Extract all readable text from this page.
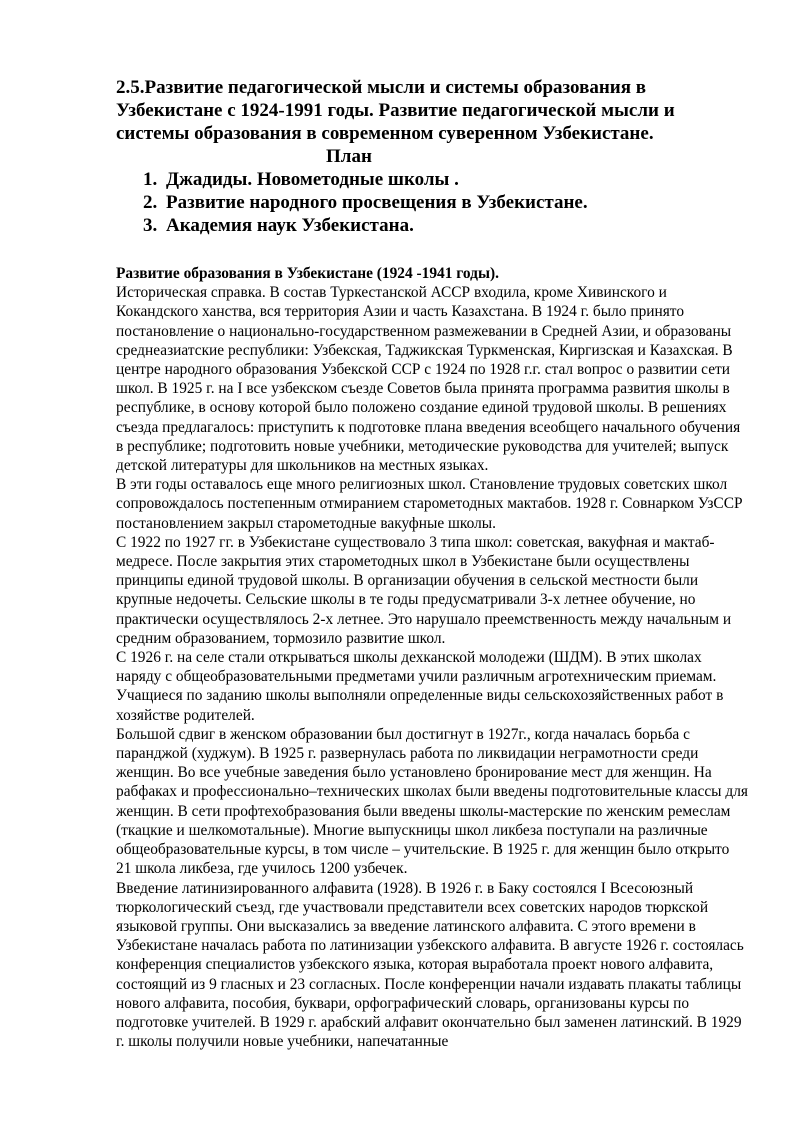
2.5.Развитие педагогической мысли и системы образования в Узбекистане с 1924-1991 годы. Развитие педагогической мысли и системы образования в современном суверенном Узбекистане.

План

1. Джадиды. Новометодные школы .
2. Развитие народного просвещения в Узбекистане.
3. Академия наук Узбекистана.
Развитие образования в Узбекистане (1924 -1941 годы).

Историческая справка. В состав Туркестанской АССР входила, кроме Хивинского и Кокандского ханства, вся территория Азии и часть Казахстана. В 1924 г. было принято постановление о национально-государственном размежевании в Средней Азии, и образованы среднеазиатские республики: Узбекская, Таджикская Туркменская, Киргизская и Казахская. В центре народного образования Узбекской ССР с 1924 по 1928 г.г. стал вопрос о развитии сети школ. В 1925 г. на I все узбекском съезде Советов была принята программа развития школы в республике, в основу которой было положено создание единой трудовой школы. В решениях съезда предлагалось: приступить к подготовке плана введения всеобщего начального обучения в республике; подготовить новые учебники, методические руководства для учителей; выпуск детской литературы для школьников на местных языках.

В эти годы оставалось еще много религиозных школ. Становление трудовых советских школ сопровождалось постепенным отмиранием старометодных мактабов. 1928 г. Совнарком УзССР постановлением закрыл старометодные вакуфные школы.

С 1922 по 1927 гг. в Узбекистане существовало 3 типа школ: советская, вакуфная и мактаб-медресе. После закрытия этих старометодных школ в Узбекистане были осуществлены принципы единой трудовой школы. В организации обучения в сельской местности были крупные недочеты. Сельские школы в те годы предусматривали 3-х летнее обучение, но практически осуществлялось 2-х летнее. Это нарушало преемственность между начальным и средним образованием, тормозило развитие школ.

С 1926 г. на селе стали открываться школы дехканской молодежи (ШДМ). В этих школах наряду с общеобразовательными предметами учили различным агротехническим приемам. Учащиеся по заданию школы выполняли определенные виды сельскохозяйственных работ в хозяйстве родителей.

Большой сдвиг в женском образовании был достигнут в 1927г., когда началась борьба с паранджой (худжум). В 1925 г. развернулась работа по ликвидации неграмотности среди женщин. Во все учебные заведения было установлено бронирование мест для женщин. На рабфаках и профессионально–технических школах были введены подготовительные классы для женщин. В сети профтехобразования были введены школы-мастерские по женским ремеслам (ткацкие и шелкомотальные). Многие выпускницы школ ликбеза поступали на различные общеобразовательные курсы, в том числе – учительские. В 1925 г. для женщин было открыто 21 школа ликбеза, где училось 1200 узбечек.

Введение латинизированного алфавита (1928). В 1926 г. в Баку состоялся I Всесоюзный тюркологический съезд, где участвовали представители всех советских народов тюркской языковой группы. Они высказались за введение латинского алфавита. С этого времени в Узбекистане началась работа по латинизации узбекского алфавита. В августе 1926 г. состоялась конференция специалистов узбекского языка, которая выработала проект нового алфавита, состоящий из 9 гласных и 23 согласных. После конференции начали издавать плакаты таблицы нового алфавита, пособия, буквари, орфографический словарь, организованы курсы по подготовке учителей. В 1929 г. арабский алфавит окончательно был заменен латинский. В 1929 г. школы получили новые учебники, напечатанные
